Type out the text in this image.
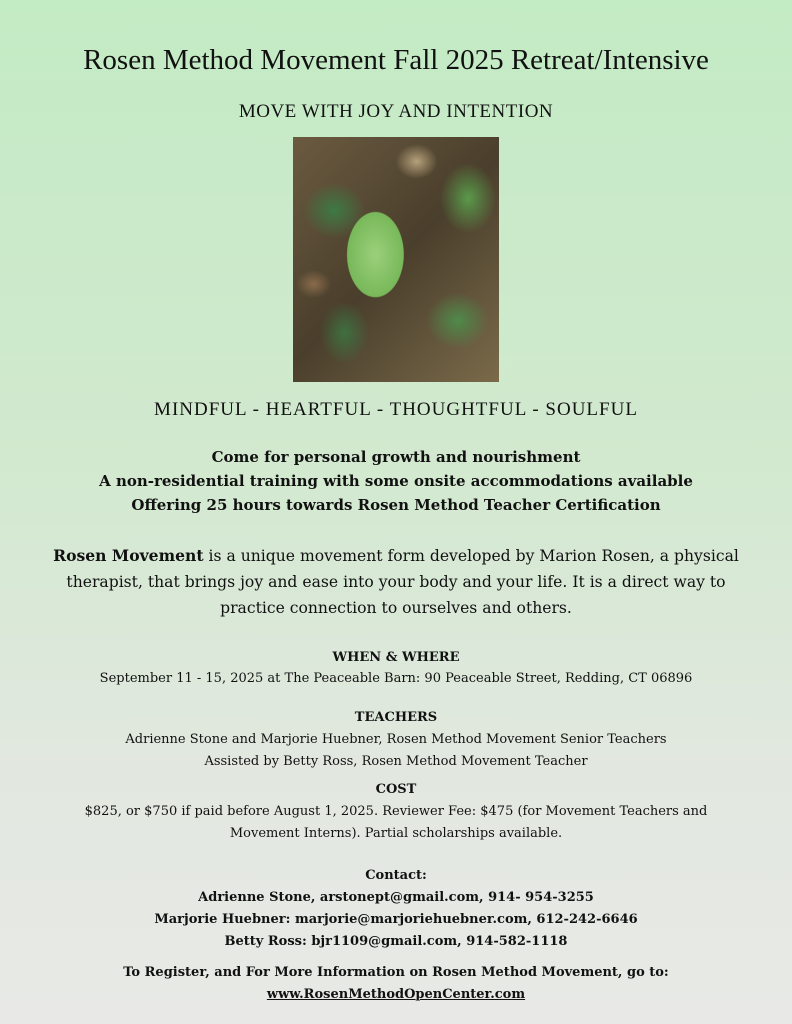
Rosen Method Movement Fall 2025 Retreat/Intensive
MOVE WITH JOY AND INTENTION
MINDFUL - HEARTFUL - THOUGHTFUL - SOULFUL
Come for personal growth and nourishment
A non-residential training with some onsite accommodations available
Offering 25 hours towards Rosen Method Teacher Certification
Rosen Movement is a unique movement form developed by Marion Rosen, a physical therapist, that brings joy and ease into your body and your life. It is a direct way to practice connection to ourselves and others.
WHEN & WHERE
September 11 - 15, 2025 at The Peaceable Barn: 90 Peaceable Street, Redding, CT 06896
TEACHERS
Adrienne Stone and Marjorie Huebner, Rosen Method Movement Senior Teachers
Assisted by Betty Ross, Rosen Method Movement Teacher
COST
$825, or $750 if paid before August 1, 2025. Reviewer Fee: $475 (for Movement Teachers and Movement Interns). Partial scholarships available.
Contact:
Adrienne Stone, arstonept@gmail.com, 914- 954-3255
Marjorie Huebner: marjorie@marjoriehuebner.com, 612-242-6646
Betty Ross: bjr1109@gmail.com, 914-582-1118
To Register, and For More Information on Rosen Method Movement, go to:
www.RosenMethodOpenCenter.com
